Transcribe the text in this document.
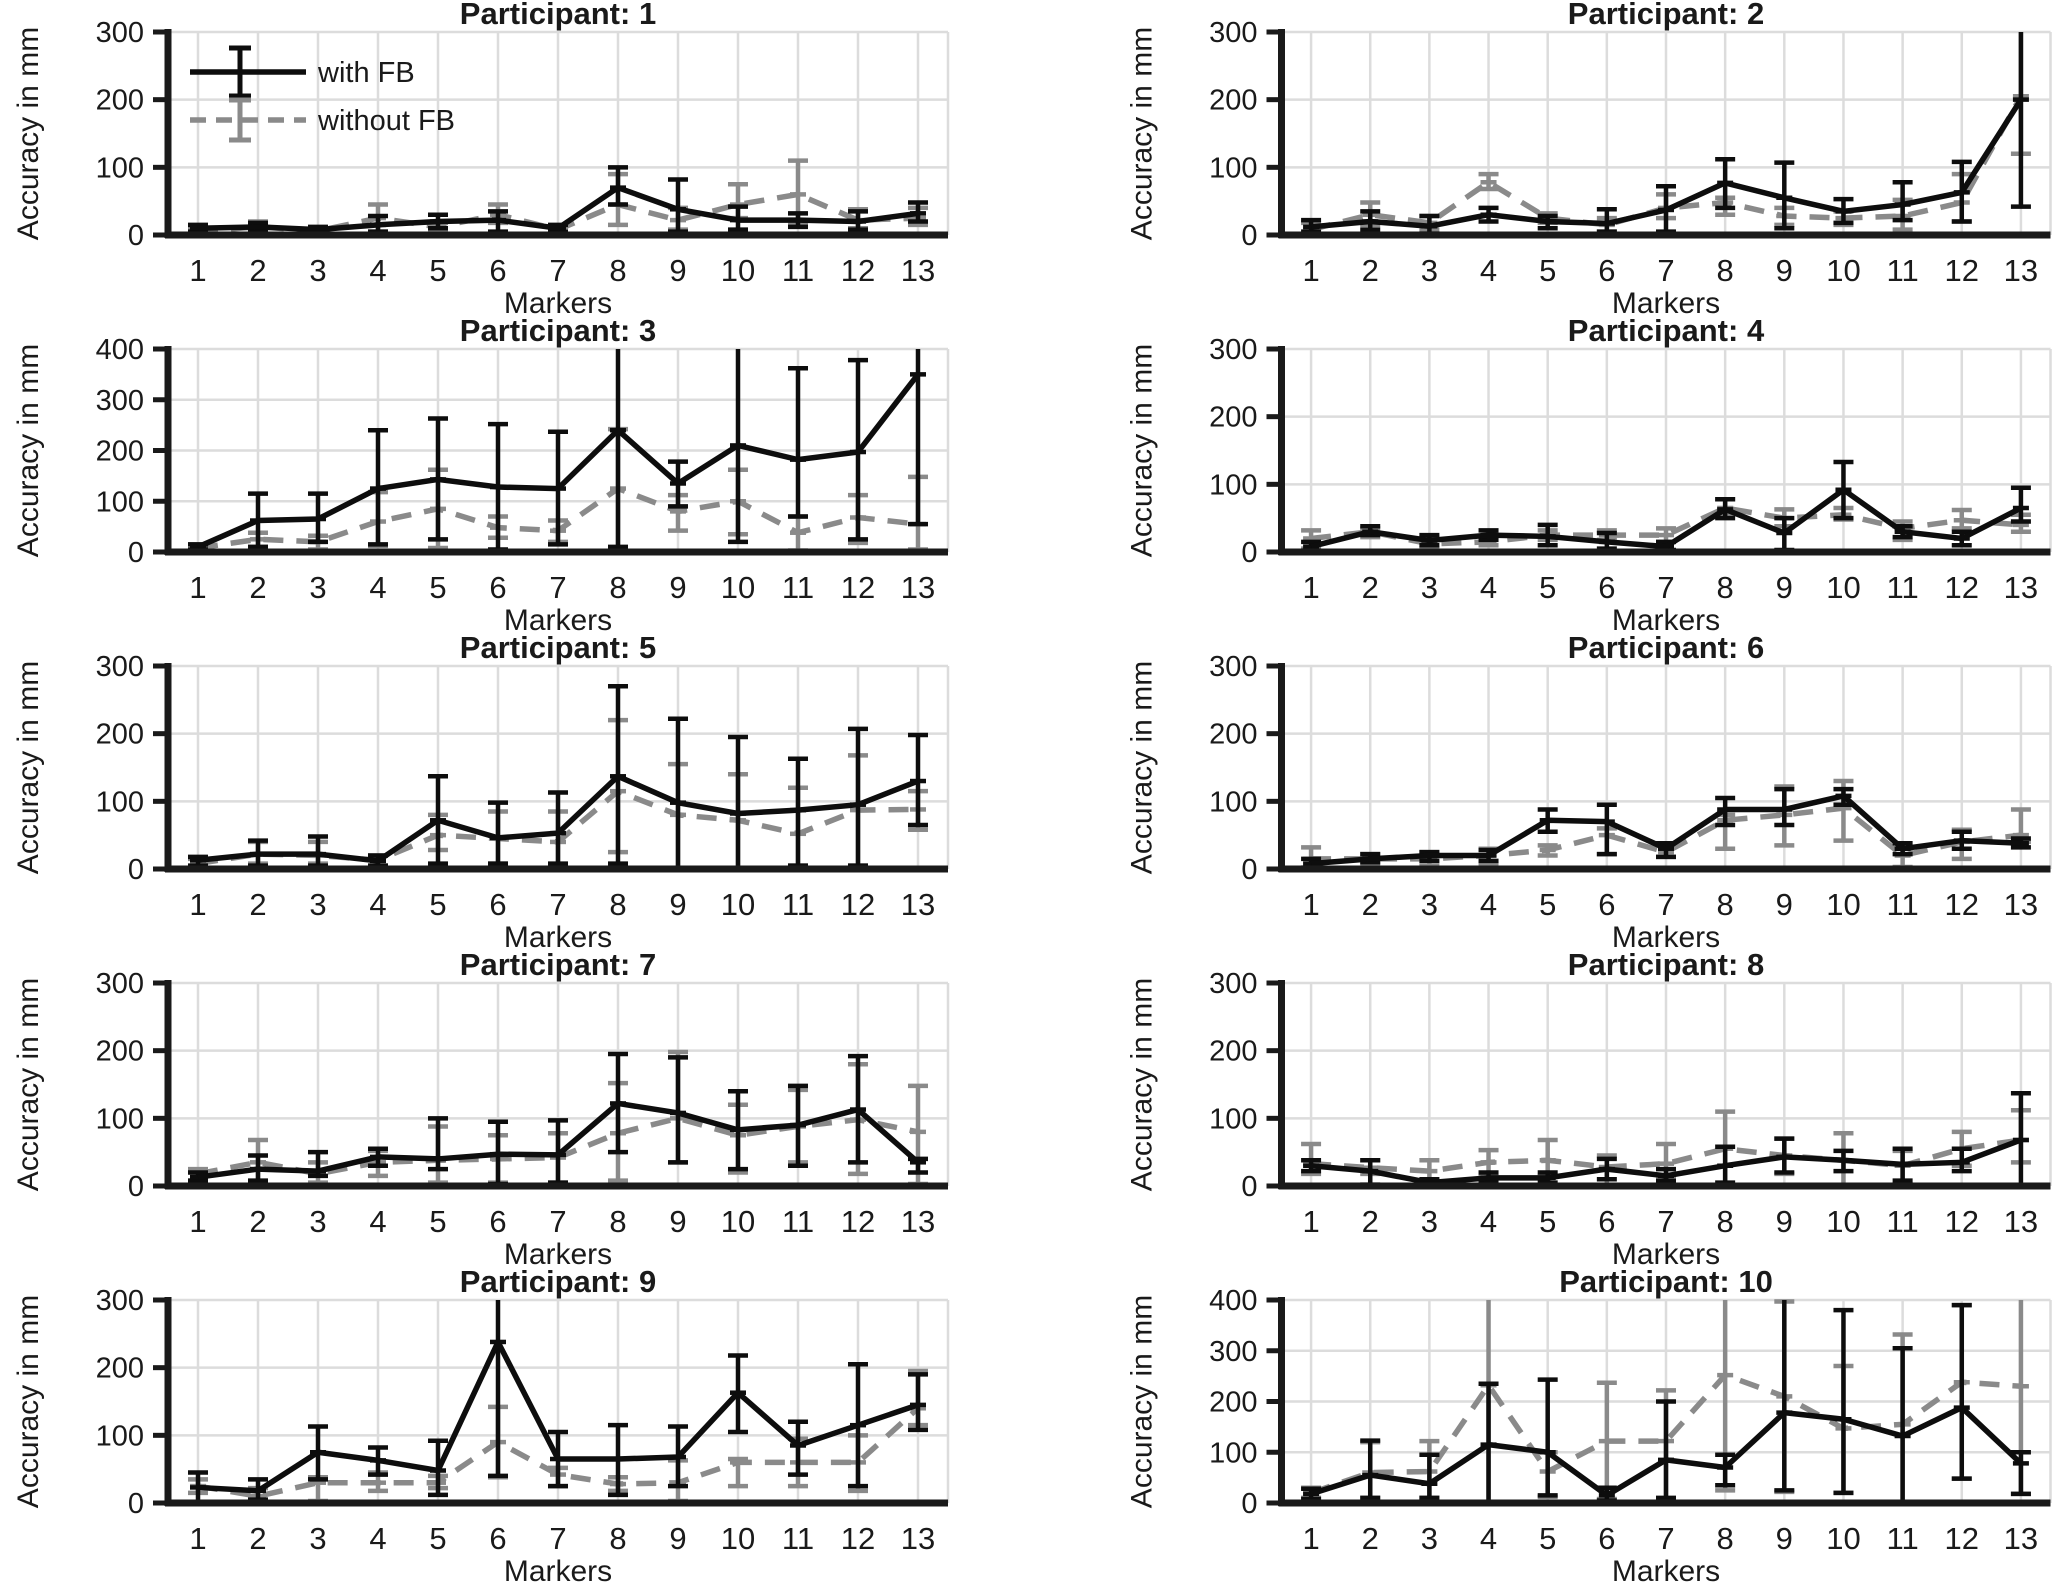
0
100
200
300
1 2 3 4 5 6 7 8 9 10 11 12 13
Participant: 1
Markers
Accuracy in mm	with FB
without FB
0
100
200
300
1 2 3 4 5 6 7 8 9 10 11 12 13
Participant: 2
Markers
Accuracy in mm
0
100
200
300
400
1 2 3 4 5 6 7 8 9 10 11 12 13
Participant: 3
Markers
Accuracy in mm	0
100
200
300
1 2 3 4 5 6 7 8 9 10 11 12 13
Participant: 4
Markers
Accuracy in mm
0
100
200
300
1 2 3 4 5 6 7 8 9 10 11 12 13
Participant: 5
Markers
Accuracy in mm	0
100
200
300
1 2 3 4 5 6 7 8 9 10 11 12 13
Participant: 6
Markers
Accuracy in mm
0
100
200
300
1 2 3 4 5 6 7 8 9 10 11 12 13
Participant: 7
Markers
Accuracy in mm	0
100
200
300
1 2 3 4 5 6 7 8 9 10 11 12 13
Participant: 8
Markers
Accuracy in mm
0
100
200
300
1 2 3 4 5 6 7 8 9 10 11 12 13
Participant: 9
Markers
Accuracy in mm	0
100
200
300
400
1 2 3 4 5 6 7 8 9 10 11 12 13
Participant: 10
Markers
Accuracy in mm
